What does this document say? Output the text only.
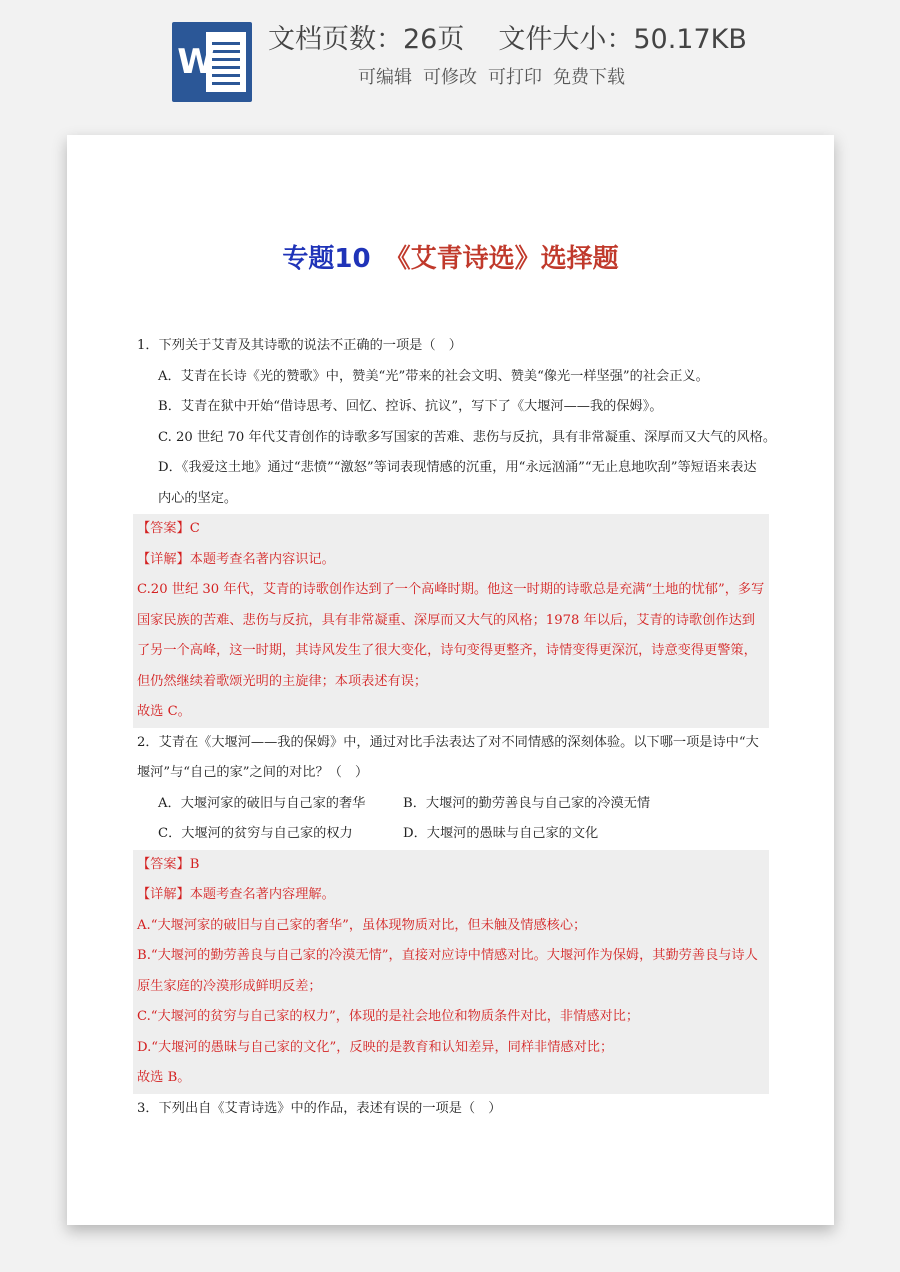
W
文档页数：26页 文件大小：50.17KB
可编辑 可修改 可打印 免费下载
专题10 《艾青诗选》选择题
1．下列关于艾青及其诗歌的说法不正确的一项是（　）
A．艾青在长诗《光的赞歌》中，赞美“光”带来的社会文明、赞美“像光一样坚强”的社会正义。
B．艾青在狱中开始“借诗思考、回忆、控诉、抗议”，写下了《大堰河——我的保姆》。
C. 20 世纪 70 年代艾青创作的诗歌多写国家的苦难、悲伤与反抗，具有非常凝重、深厚而又大气的风格。
D．《我爱这土地》通过“悲愤”“激怒”等词表现情感的沉重，用“永远汹涌”“无止息地吹刮”等短语来表达
内心的坚定。
【答案】C
【详解】本题考查名著内容识记。
C.20 世纪 30 年代，艾青的诗歌创作达到了一个高峰时期。他这一时期的诗歌总是充满“土地的忧郁”，多写
国家民族的苦难、悲伤与反抗，具有非常凝重、深厚而又大气的风格；1978 年以后，艾青的诗歌创作达到
了另一个高峰，这一时期，其诗风发生了很大变化，诗句变得更整齐，诗情变得更深沉，诗意变得更警策，
但仍然继续着歌颂光明的主旋律；本项表述有误；
故选 C。
2．艾青在《大堰河——我的保姆》中，通过对比手法表达了对不同情感的深刻体验。以下哪一项是诗中“大
堰河”与“自己的家”之间的对比？（　）
A．大堰河家的破旧与自己家的奢华	B．大堰河的勤劳善良与自己家的冷漠无情
C．大堰河的贫穷与自己家的权力	D．大堰河的愚昧与自己家的文化
【答案】B
【详解】本题考查名著内容理解。
A.“大堰河家的破旧与自己家的奢华”，虽体现物质对比，但未触及情感核心；
B.“大堰河的勤劳善良与自己家的冷漠无情”，直接对应诗中情感对比。大堰河作为保姆，其勤劳善良与诗人
原生家庭的冷漠形成鲜明反差；
C.“大堰河的贫穷与自己家的权力”，体现的是社会地位和物质条件对比，非情感对比；
D.“大堰河的愚昧与自己家的文化”，反映的是教育和认知差异，同样非情感对比；
故选 B。
3．下列出自《艾青诗选》中的作品，表述有误的一项是（　）
